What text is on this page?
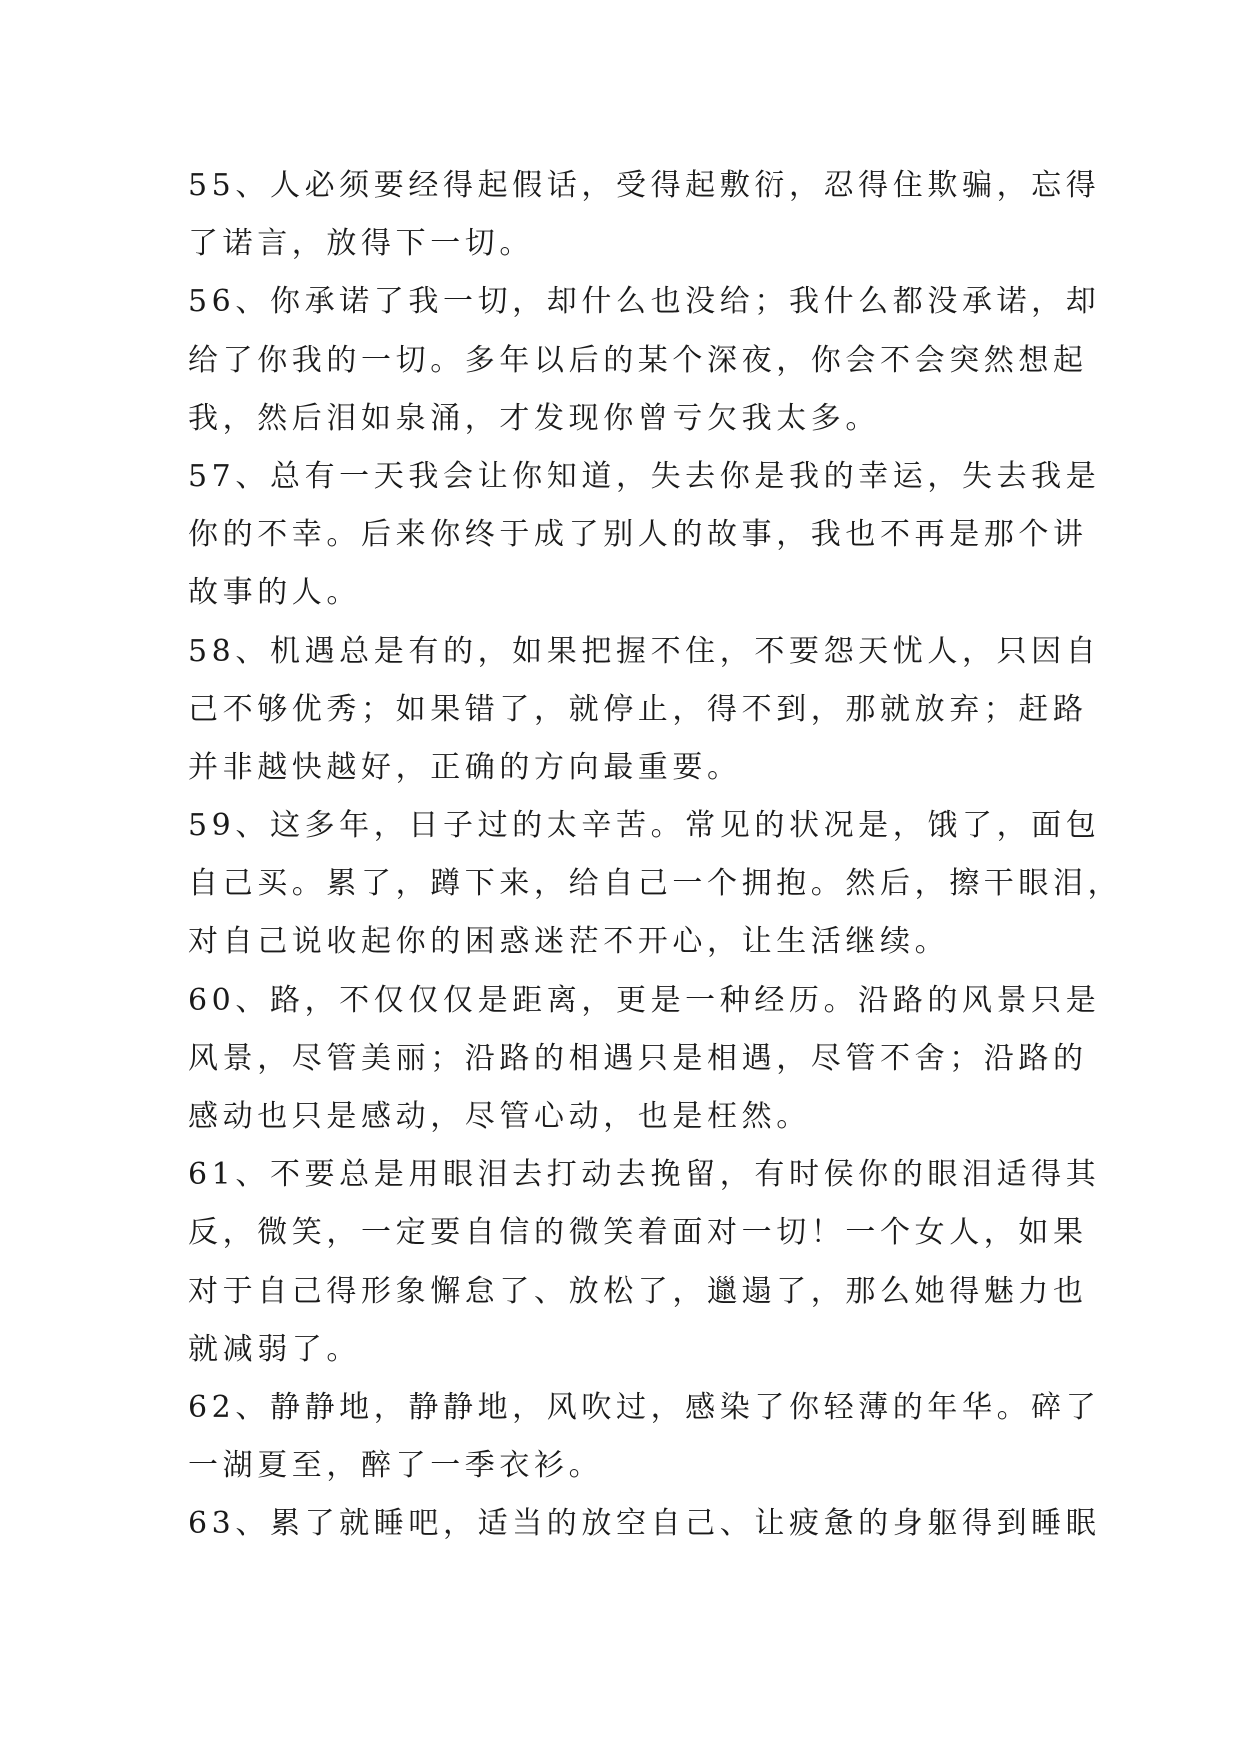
55、人必须要经得起假话，受得起敷衍，忍得住欺骗，忘得
了诺言，放得下一切。
56、你承诺了我一切，却什么也没给；我什么都没承诺，却
给了你我的一切。多年以后的某个深夜，你会不会突然想起
我，然后泪如泉涌，才发现你曾亏欠我太多。
57、总有一天我会让你知道，失去你是我的幸运，失去我是
你的不幸。后来你终于成了别人的故事，我也不再是那个讲
故事的人。
58、机遇总是有的，如果把握不住，不要怨天忧人，只因自
己不够优秀；如果错了，就停止，得不到，那就放弃；赶路
并非越快越好，正确的方向最重要。
59、这多年，日子过的太辛苦。常见的状况是，饿了，面包
自己买。累了，蹲下来，给自己一个拥抱。然后，擦干眼泪，
对自己说收起你的困惑迷茫不开心，让生活继续。
60、路，不仅仅仅是距离，更是一种经历。沿路的风景只是
风景，尽管美丽；沿路的相遇只是相遇，尽管不舍；沿路的
感动也只是感动，尽管心动，也是枉然。
61、不要总是用眼泪去打动去挽留，有时侯你的眼泪适得其
反，微笑，一定要自信的微笑着面对一切！一个女人，如果
对于自己得形象懈怠了、放松了，邋遢了，那么她得魅力也
就减弱了。
62、静静地，静静地，风吹过，感染了你轻薄的年华。碎了
一湖夏至，醉了一季衣衫。
63、累了就睡吧，适当的放空自己、让疲惫的身躯得到睡眠
